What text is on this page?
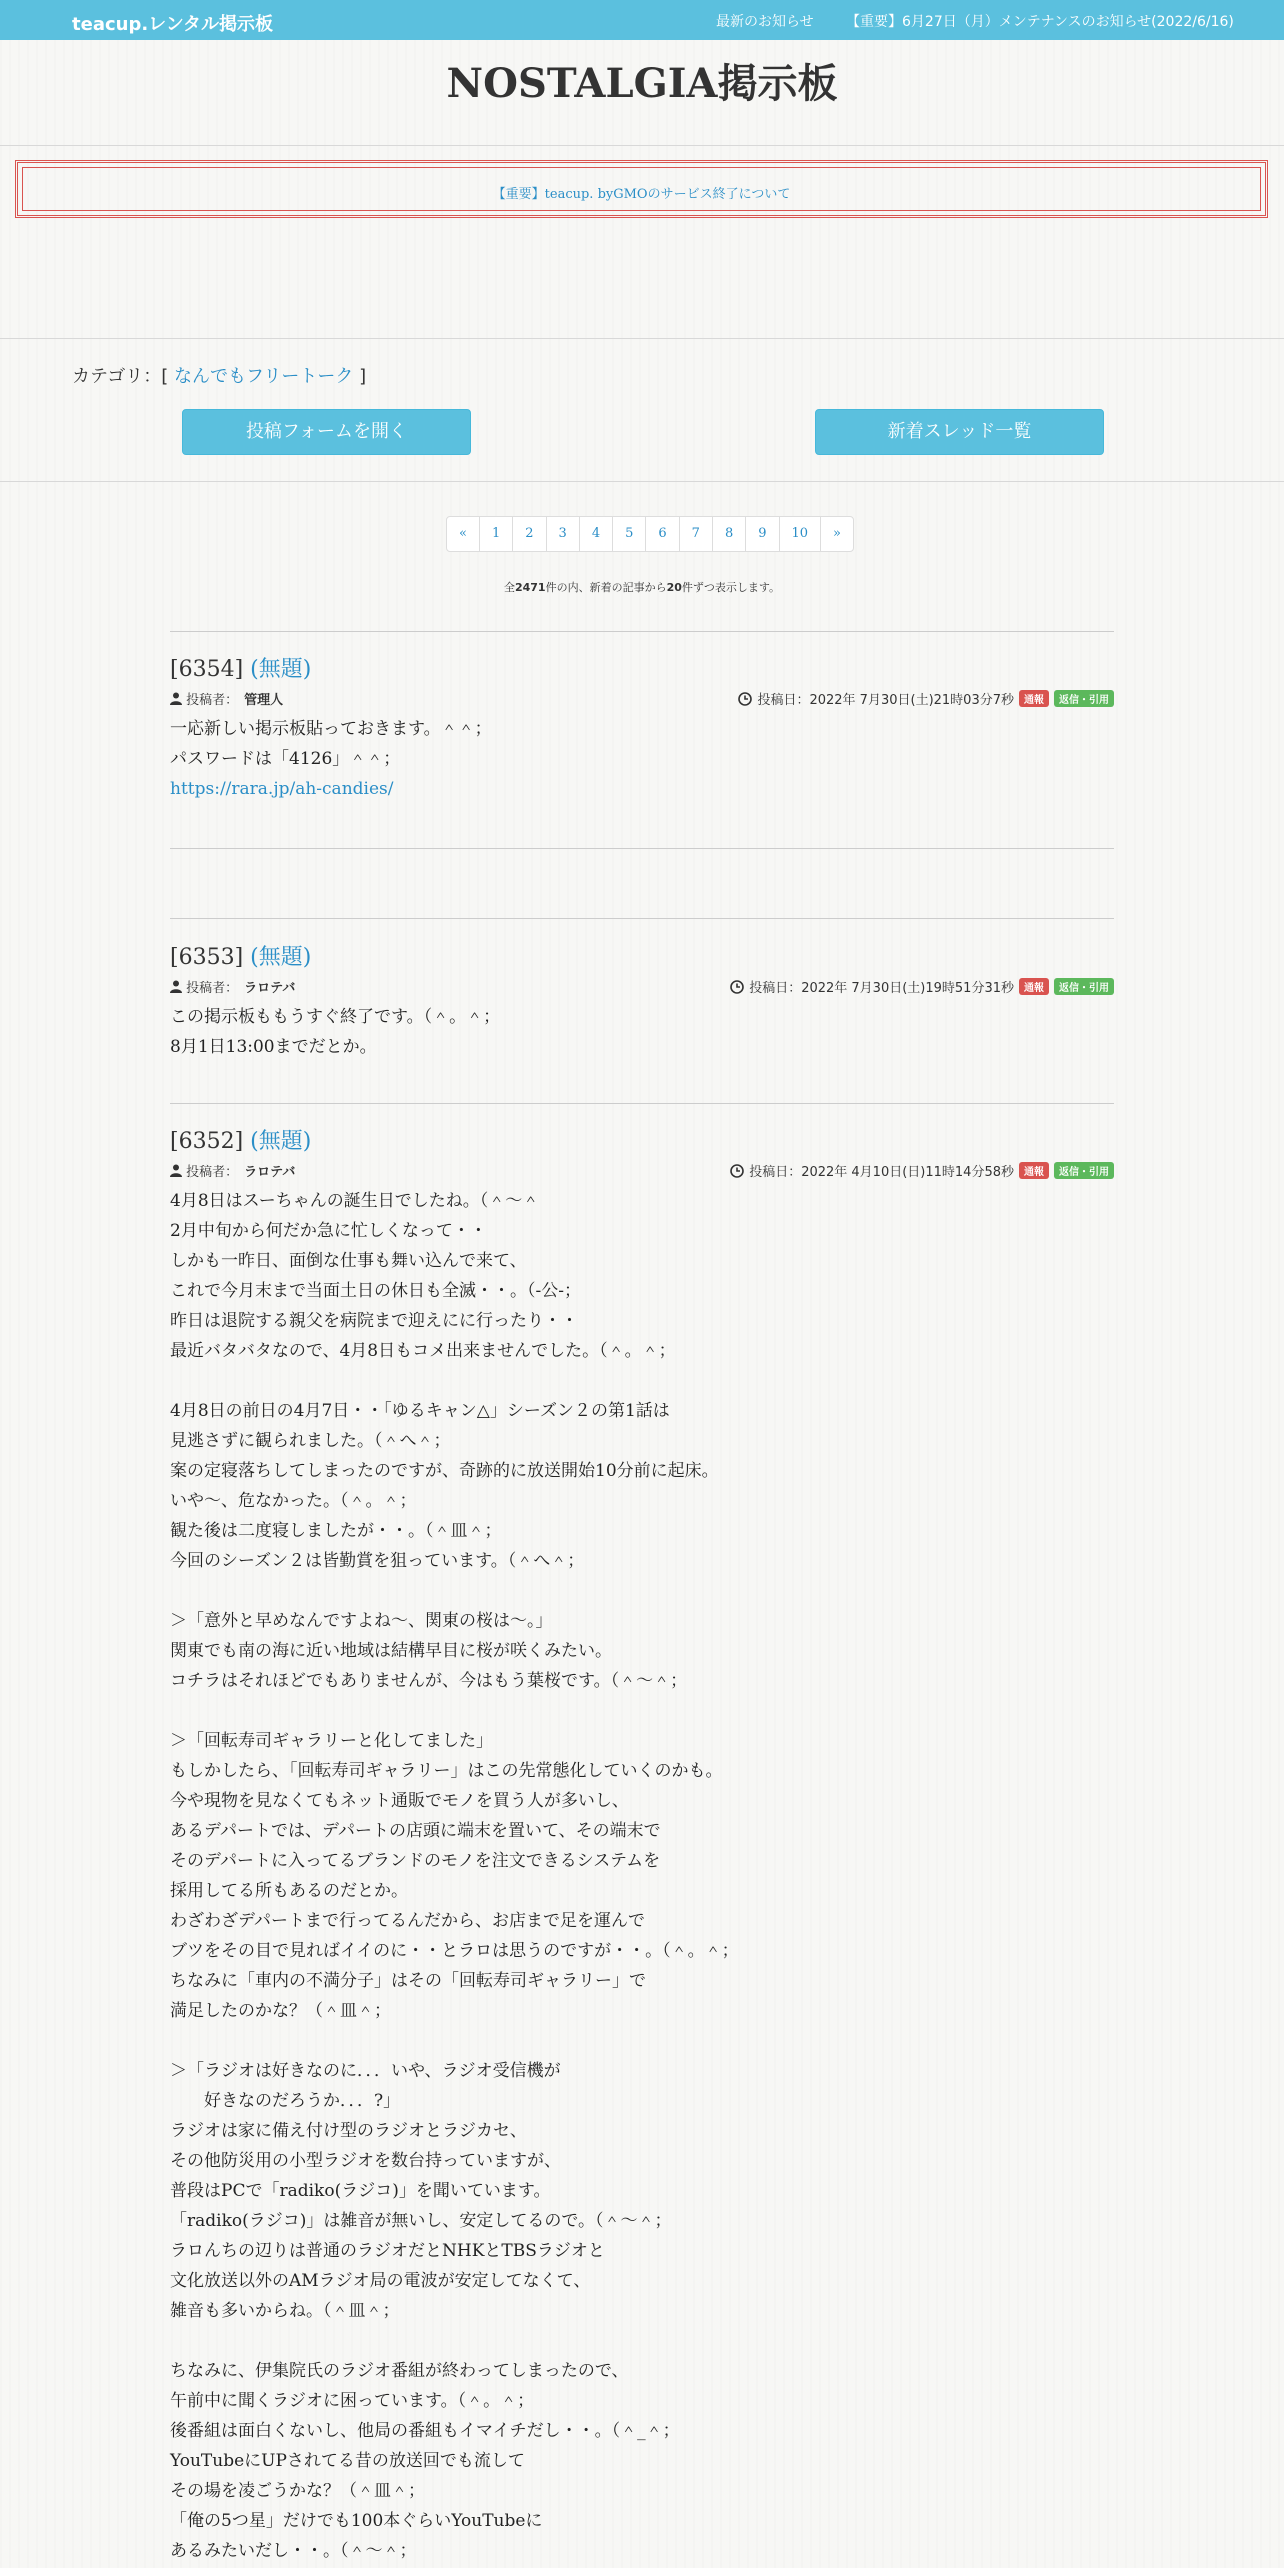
teacup.レンタル掲示板	最新のお知らせ 【重要】6月27日（月）メンテナンスのお知らせ(2022/6/16)
NOSTALGIA掲示板
【重要】teacup. byGMOのサービス終了について
カテゴリ：[ なんでもフリートーク ]
投稿フォームを開く	新着スレッド一覧
«	1	2	3	4	5	6	7	8	9	10	»
全2471件の内、新着の記事から20件ずつ表示します。
[6354] (無題)
投稿者： 管理人	投稿日：2022年 7月30日(土)21時03分7秒	通報	返信・引用
一応新しい掲示板貼っておきます。＾＾；
パスワードは「4126」＾＾；
https://rara.jp/ah-candies/
[6353] (無題)
投稿者： ラロテバ	投稿日：2022年 7月30日(土)19時51分31秒	通報	返信・引用
この掲示板ももうすぐ終了です。（＾。＾；
8月1日13:00までだとか。
[6352] (無題)
投稿者： ラロテバ	投稿日：2022年 4月10日(日)11時14分58秒	通報	返信・引用
4月8日はスーちゃんの誕生日でしたね。（＾～＾
2月中旬から何だか急に忙しくなって・・
しかも一昨日、面倒な仕事も舞い込んで来て、
これで今月末まで当面土日の休日も全滅・・。（-公-；
昨日は退院する親父を病院まで迎えにに行ったり・・
最近バタバタなので、4月8日もコメ出来ませんでした。（＾。＾；

4月8日の前日の4月7日・・「ゆるキャン△」シーズン２の第1話は
見逃さずに観られました。（＾へ＾；
案の定寝落ちしてしまったのですが、奇跡的に放送開始10分前に起床。
いや～、危なかった。（＾。＾；
観た後は二度寝しましたが・・。（＾皿＾；
今回のシーズン２は皆勤賞を狙っています。（＾へ＾；

＞「意外と早めなんですよね～、関東の桜は～。」
関東でも南の海に近い地域は結構早目に桜が咲くみたい。
コチラはそれほどでもありませんが、今はもう葉桜です。（＾～＾；

＞「回転寿司ギャラリーと化してました」
もしかしたら、「回転寿司ギャラリー」はこの先常態化していくのかも。
今や現物を見なくてもネット通販でモノを買う人が多いし、
あるデパートでは、デパートの店頭に端末を置いて、その端末で
そのデパートに入ってるブランドのモノを注文できるシステムを
採用してる所もあるのだとか。
わざわざデパートまで行ってるんだから、お店まで足を運んで
ブツをその目で見ればイイのに・・とラロは思うのですが・・。（＾。＾；
ちなみに「車内の不満分子」はその「回転寿司ギャラリー」で
満足したのかな？（＾皿＾；

＞「ラジオは好きなのに．．．いや、ラジオ受信機が
　　好きなのだろうか．．．?」
ラジオは家に備え付け型のラジオとラジカセ、
その他防災用の小型ラジオを数台持っていますが、
普段はPCで「radiko(ラジコ)」を聞いています。
「radiko(ラジコ)」は雑音が無いし、安定してるので。（＾～＾；
ラロんちの辺りは普通のラジオだとNHKとTBSラジオと
文化放送以外のAMラジオ局の電波が安定してなくて、
雑音も多いからね。（＾皿＾；

ちなみに、伊集院氏のラジオ番組が終わってしまったので、
午前中に聞くラジオに困っています。（＾。＾；
後番組は面白くないし、他局の番組もイマイチだし・・。（＾_＾；
YouTubeにUPされてる昔の放送回でも流して
その場を凌ごうかな？（＾皿＾；
「俺の5つ星」だけでも100本ぐらいYouTubeに
あるみたいだし・・。（＾～＾；
